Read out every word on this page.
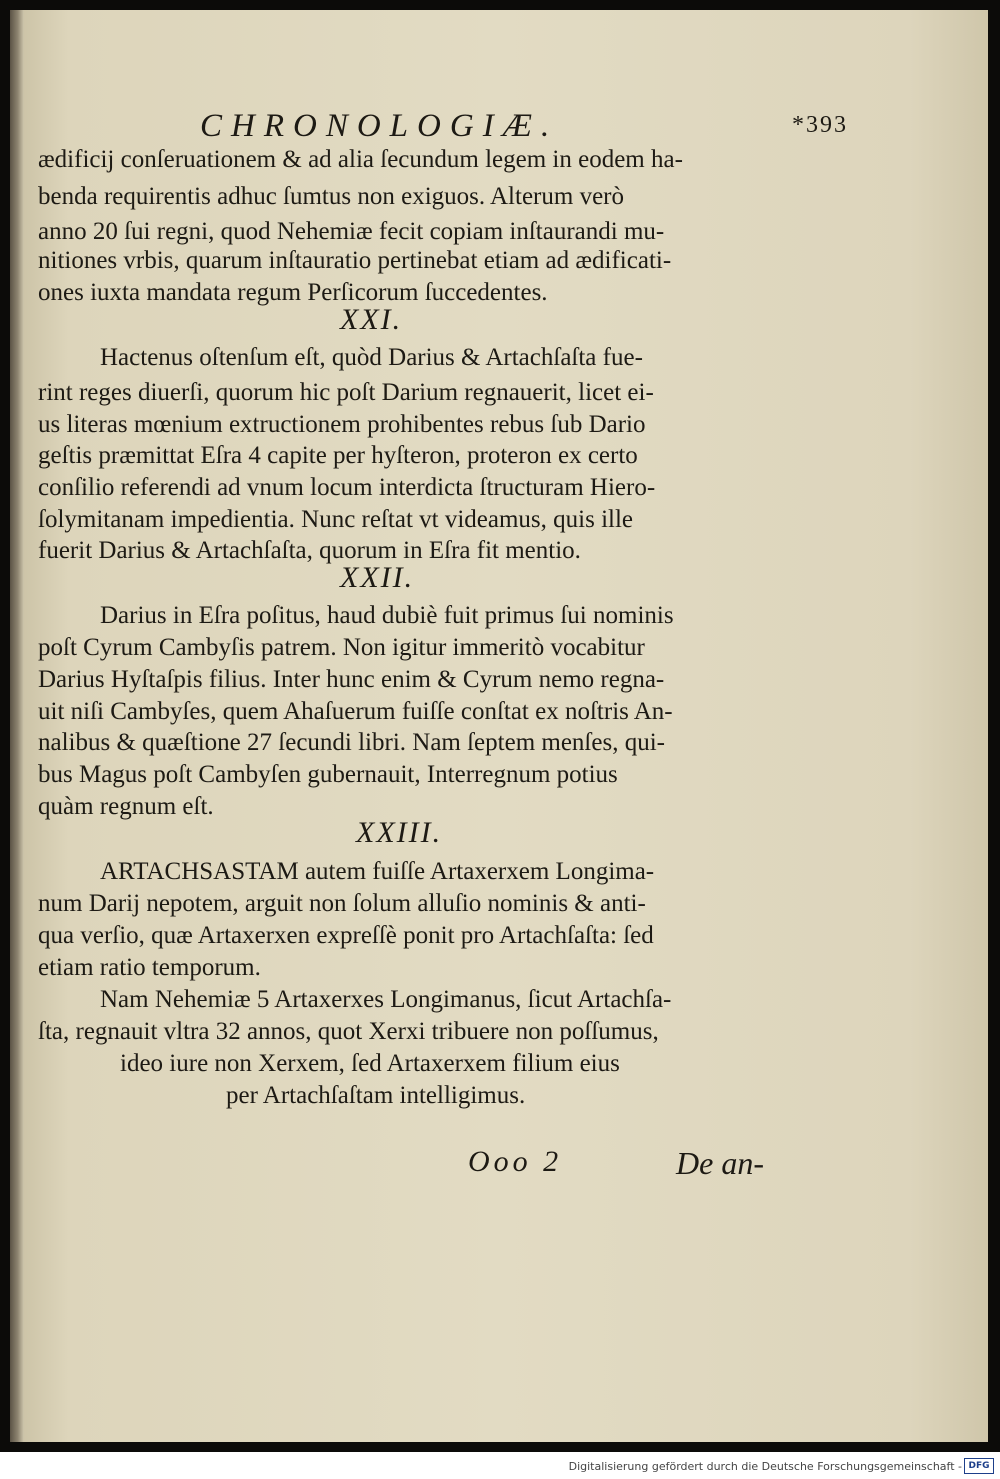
CHRONOLOGIÆ.	*393
ædificij conſeruationem & ad alia ſecundum legem in eodem ha-
benda requirentis adhuc ſumtus non exiguos. Alterum verò
anno 20 ſui regni, quod Nehemiæ fecit copiam inſtaurandi mu-
nitiones vrbis, quarum inſtauratio pertinebat etiam ad ædificati-
ones iuxta mandata regum Perſicorum ſuccedentes.
XXI.
Hactenus oſtenſum eſt, quòd Darius & Artachſaſta fue-
rint reges diuerſi, quorum hic poſt Darium regnauerit, licet ei-
us literas mœnium extructionem prohibentes rebus ſub Dario
geſtis præmittat Eſra 4 capite per hyſteron, proteron ex certo
conſilio referendi ad vnum locum interdicta ſtructuram Hiero-
ſolymitanam impedientia. Nunc reſtat vt videamus, quis ille
fuerit Darius & Artachſaſta, quorum in Eſra fit mentio.
XXII.
Darius in Eſra poſitus, haud dubiè fuit primus ſui nominis
poſt Cyrum Cambyſis patrem. Non igitur immeritò vocabitur
Darius Hyſtaſpis filius. Inter hunc enim & Cyrum nemo regna-
uit niſi Cambyſes, quem Ahaſuerum fuiſſe conſtat ex noſtris An-
nalibus & quæſtione 27 ſecundi libri. Nam ſeptem menſes, qui-
bus Magus poſt Cambyſen gubernauit, Interregnum potius
quàm regnum eſt.
XXIII.
ARTACHSASTAM autem fuiſſe Artaxerxem Longima-
num Darij nepotem, arguit non ſolum alluſio nominis & anti-
qua verſio, quæ Artaxerxen expreſſè ponit pro Artachſaſta: ſed
etiam ratio temporum.
Nam Nehemiæ 5 Artaxerxes Longimanus, ſicut Artachſa-
ſta, regnauit vltra 32 annos, quot Xerxi tribuere non poſſumus,
ideo iure non Xerxem, ſed Artaxerxem filium eius
per Artachſaſtam intelligimus.
Ooo 2	De an-
Digitalisierung gefördert durch die Deutsche Forschungsgemeinschaft - DFG
